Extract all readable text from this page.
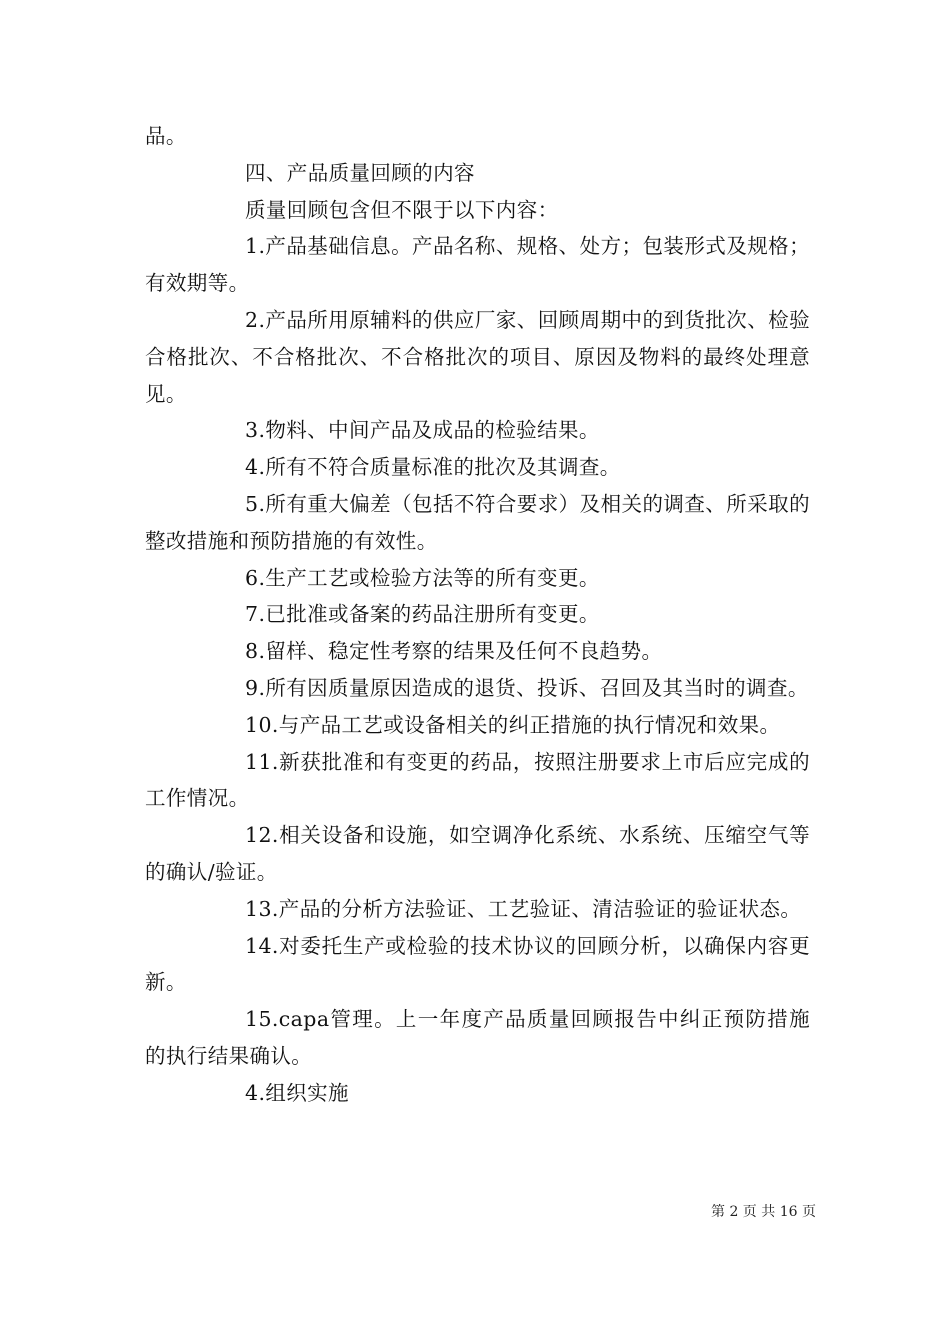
品。

四、产品质量回顾的内容

质量回顾包含但不限于以下内容：

1.产品基础信息。产品名称、规格、处方；包装形式及规格；有效期等。

2.产品所用原辅料的供应厂家、回顾周期中的到货批次、检验合格批次、不合格批次、不合格批次的项目、原因及物料的最终处理意见。

3.物料、中间产品及成品的检验结果。

4.所有不符合质量标准的批次及其调查。

5.所有重大偏差（包括不符合要求）及相关的调查、所采取的整改措施和预防措施的有效性。

6.生产工艺或检验方法等的所有变更。

7.已批准或备案的药品注册所有变更。

8.留样、稳定性考察的结果及任何不良趋势。

9.所有因质量原因造成的退货、投诉、召回及其当时的调查。

10.与产品工艺或设备相关的纠正措施的执行情况和效果。

11.新获批准和有变更的药品，按照注册要求上市后应完成的工作情况。

12.相关设备和设施，如空调净化系统、水系统、压缩空气等的确认/验证。

13.产品的分析方法验证、工艺验证、清洁验证的验证状态。

14.对委托生产或检验的技术协议的回顾分析，以确保内容更新。

15.capa管理。上一年度产品质量回顾报告中纠正预防措施的执行结果确认。

4.组织实施

第 2 页 共 16 页
